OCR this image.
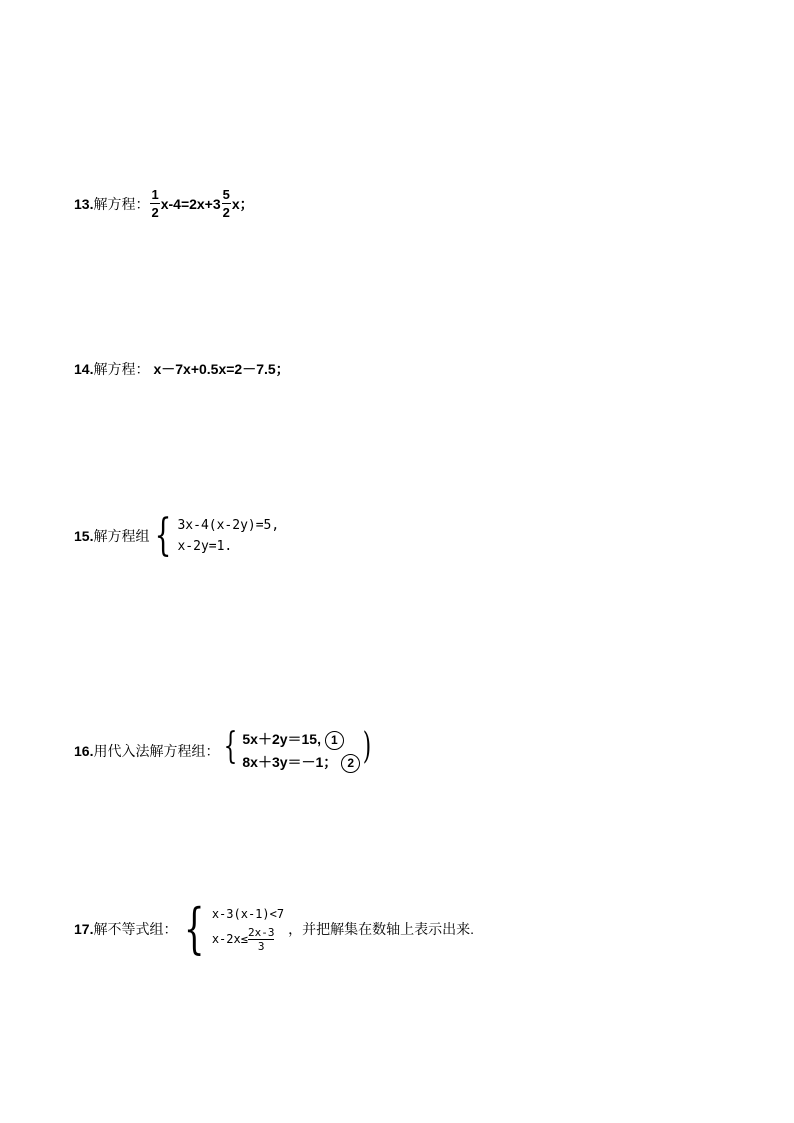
13. 解方程： $\frac{1}{2} x-4=2x+3 \frac{5}{2}$ x；
14. 解方程： x－7x+0.5x=2－7.5；
15. 解方程组 { 3x-4(x-2y)=5,
x-2y=1.
16. 用代入法解方程组： { 5x＋2y＝15, 1
8x＋3y＝－1； 2 )
17. 解不等式组： { x-3(x-1)<7
$x-2x\le \frac{2x-3}{3}$ ，并把解集在数轴上表示出来.
